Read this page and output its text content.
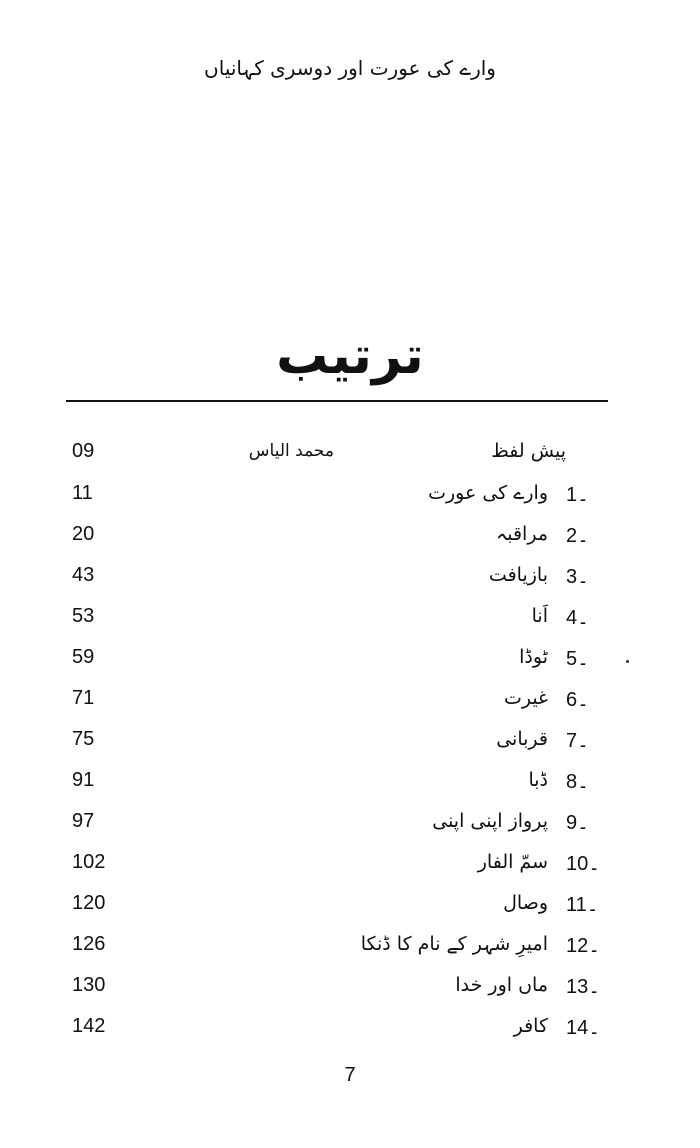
وارے کی عورت اور دوسری کہانیاں
ترتیب
09	محمد الیاس	پیش لفظ
11	وارے کی عورت 1۔
20	مراقبہ 2۔
43	بازیافت 3۔
53	اَنا 4۔
59	ٹوڈا 5۔
71	غیرت 6۔
75	قربانی 7۔
91	ڈبا 8۔
97	پرواز اپنی اپنی 9۔
102	سمّ الفار 10۔
120	وصال 11۔
126	امیرِ شہر کے نام کا ڈنکا 12۔
130	ماں اور خدا 13۔
142	کافر 14۔
7
